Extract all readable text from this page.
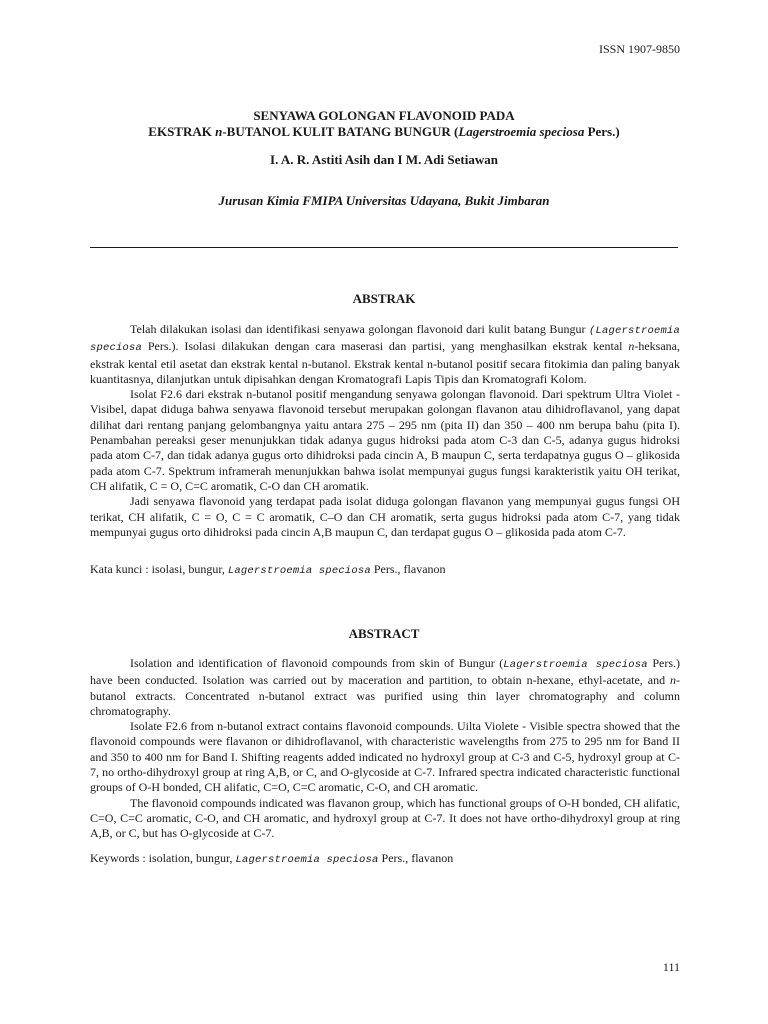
ISSN 1907-9850
SENYAWA GOLONGAN FLAVONOID PADA
EKSTRAK n-BUTANOL KULIT BATANG BUNGUR (Lagerstroemia speciosa Pers.)
I. A. R. Astiti Asih dan I M. Adi Setiawan
Jurusan Kimia FMIPA Universitas Udayana, Bukit Jimbaran
ABSTRAK

Telah dilakukan isolasi dan identifikasi senyawa golongan flavonoid dari kulit batang Bungur (Lagerstroemia speciosa Pers.). Isolasi dilakukan dengan cara maserasi dan partisi, yang menghasilkan ekstrak kental n-heksana, ekstrak kental etil asetat dan ekstrak kental n-butanol. Ekstrak kental n-butanol positif secara fitokimia dan paling banyak kuantitasnya, dilanjutkan untuk dipisahkan dengan Kromatografi Lapis Tipis dan Kromatografi Kolom.

Isolat F2.6 dari ekstrak n-butanol positif mengandung senyawa golongan flavonoid. Dari spektrum Ultra Violet - Visibel, dapat diduga bahwa senyawa flavonoid tersebut merupakan golongan flavanon atau dihidroflavanol, yang dapat dilihat dari rentang panjang gelombangnya yaitu antara 275 – 295 nm (pita II) dan 350 – 400 nm berupa bahu (pita I). Penambahan pereaksi geser menunjukkan tidak adanya gugus hidroksi pada atom C-3 dan C-5, adanya gugus hidroksi pada atom C-7, dan tidak adanya gugus orto dihidroksi pada cincin A, B maupun C, serta terdapatnya gugus O – glikosida pada atom C-7. Spektrum inframerah menunjukkan bahwa isolat mempunyai gugus fungsi karakteristik yaitu OH terikat, CH alifatik, C = O, C=C aromatik, C-O dan CH aromatik.

Jadi senyawa flavonoid yang terdapat pada isolat diduga golongan flavanon yang mempunyai gugus fungsi OH terikat, CH alifatik, C = O, C = C aromatik, C–O dan CH aromatik, serta gugus hidroksi pada atom C-7, yang tidak mempunyai gugus orto dihidroksi pada cincin A,B maupun C, dan terdapat gugus O – glikosida pada atom C-7.

Kata kunci : isolasi, bungur, Lagerstroemia speciosa Pers., flavanon
ABSTRACT

Isolation and identification of flavonoid compounds from skin of Bungur (Lagerstroemia speciosa Pers.) have been conducted. Isolation was carried out by maceration and partition, to obtain n-hexane, ethyl-acetate, and n-butanol extracts. Concentrated n-butanol extract was purified using thin layer chromatography and column chromatography.

Isolate F2.6 from n-butanol extract contains flavonoid compounds. Uilta Violete - Visible spectra showed that the flavonoid compounds were flavanon or dihidroflavanol, with characteristic wavelengths from 275 to 295 nm for Band II and 350 to 400 nm for Band I. Shifting reagents added indicated no hydroxyl group at C-3 and C-5, hydroxyl group at C-7, no ortho-dihydroxyl group at ring A,B, or C, and O-glycoside at C-7. Infrared spectra indicated characteristic functional groups of O-H bonded, CH alifatic, C=O, C=C aromatic, C-O, and CH aromatic.

The flavonoid compounds indicated was flavanon group, which has functional groups of O-H bonded, CH alifatic, C=O, C=C aromatic, C-O, and CH aromatic, and hydroxyl group at C-7. It does not have ortho-dihydroxyl group at ring A,B, or C, but has O-glycoside at C-7.

Keywords : isolation, bungur, Lagerstroemia speciosa Pers., flavanon
111
